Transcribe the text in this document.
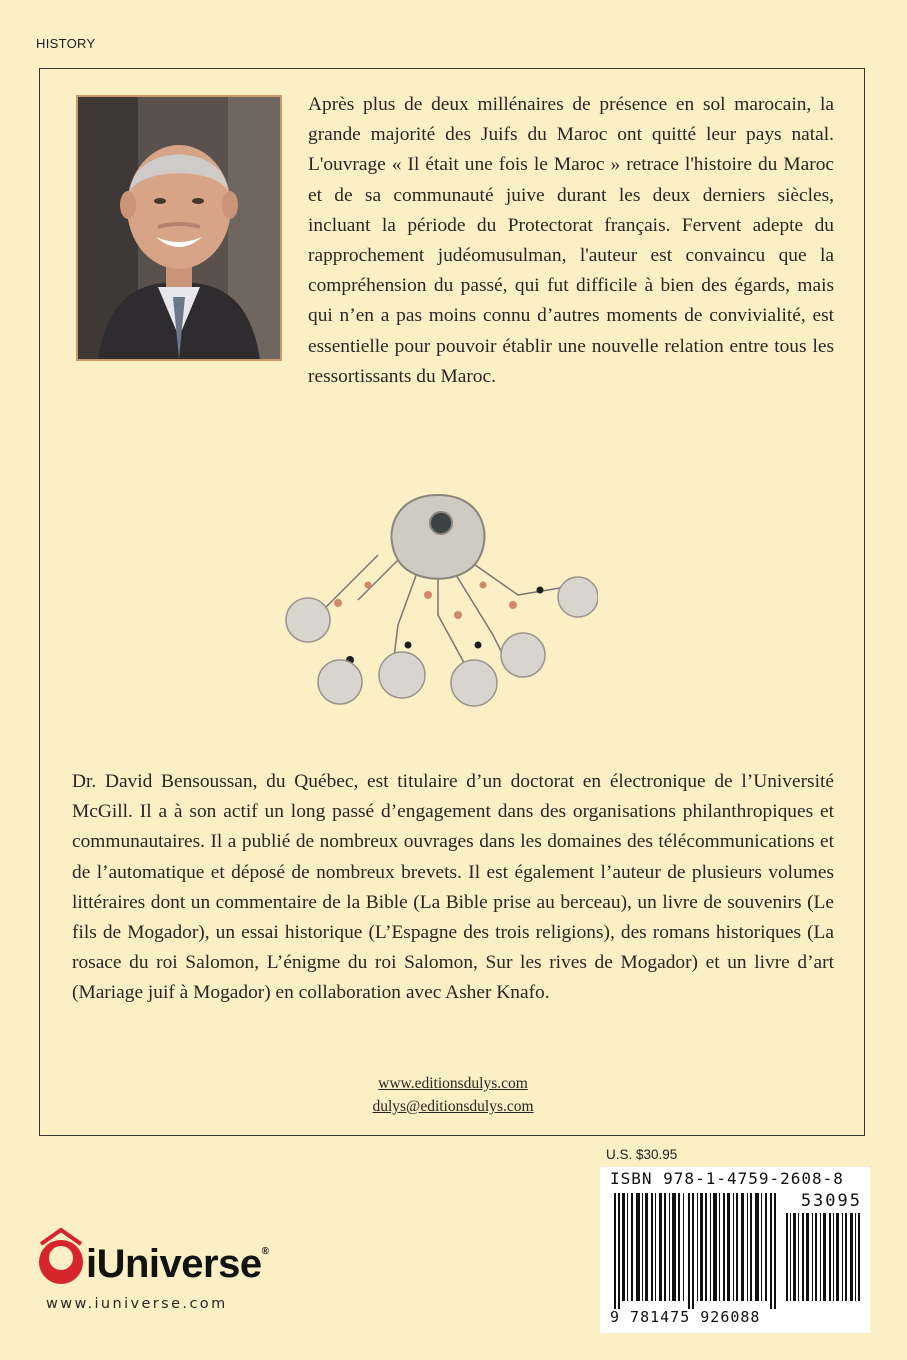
HISTORY

Après plus de deux millénaires de présence en sol marocain, la grande majorité des Juifs du Maroc ont quitté leur pays natal. L'ouvrage « Il était une fois le Maroc » retrace l'histoire du Maroc et de sa communauté juive durant les deux derniers siècles, incluant la période du Protectorat français. Fervent adepte du rapprochement judéomusulman, l'auteur est convaincu que la compréhension du passé, qui fut difficile à bien des égards, mais qui n’en a pas moins connu d’autres moments de convivialité, est essentielle pour pouvoir établir une nouvelle relation entre tous les ressortissants du Maroc.

Dr. David Bensoussan, du Québec, est titulaire d’un doctorat en électronique de l’Université McGill. Il a à son actif un long passé d’engagement dans des organisations philanthropiques et communautaires. Il a publié de nombreux ouvrages dans les domaines des télécommunications et de l’automatique et déposé de nombreux brevets. Il est également l’auteur de plusieurs volumes littéraires dont un commentaire de la Bible (La Bible prise au berceau), un livre de souvenirs (Le fils de Mogador), un essai historique (L’Espagne des trois religions), des romans historiques (La rosace du roi Salomon, L’énigme du roi Salomon, Sur les rives de Mogador) et un livre d’art (Mariage juif à Mogador) en collaboration avec Asher Knafo.

www.editionsdulys.com
dulys@editionsdulys.com
U.S. $30.95
ISBN 978-1-4759-2608-8
53095
9 781475 926088
iUniverse®
www.iuniverse.com
